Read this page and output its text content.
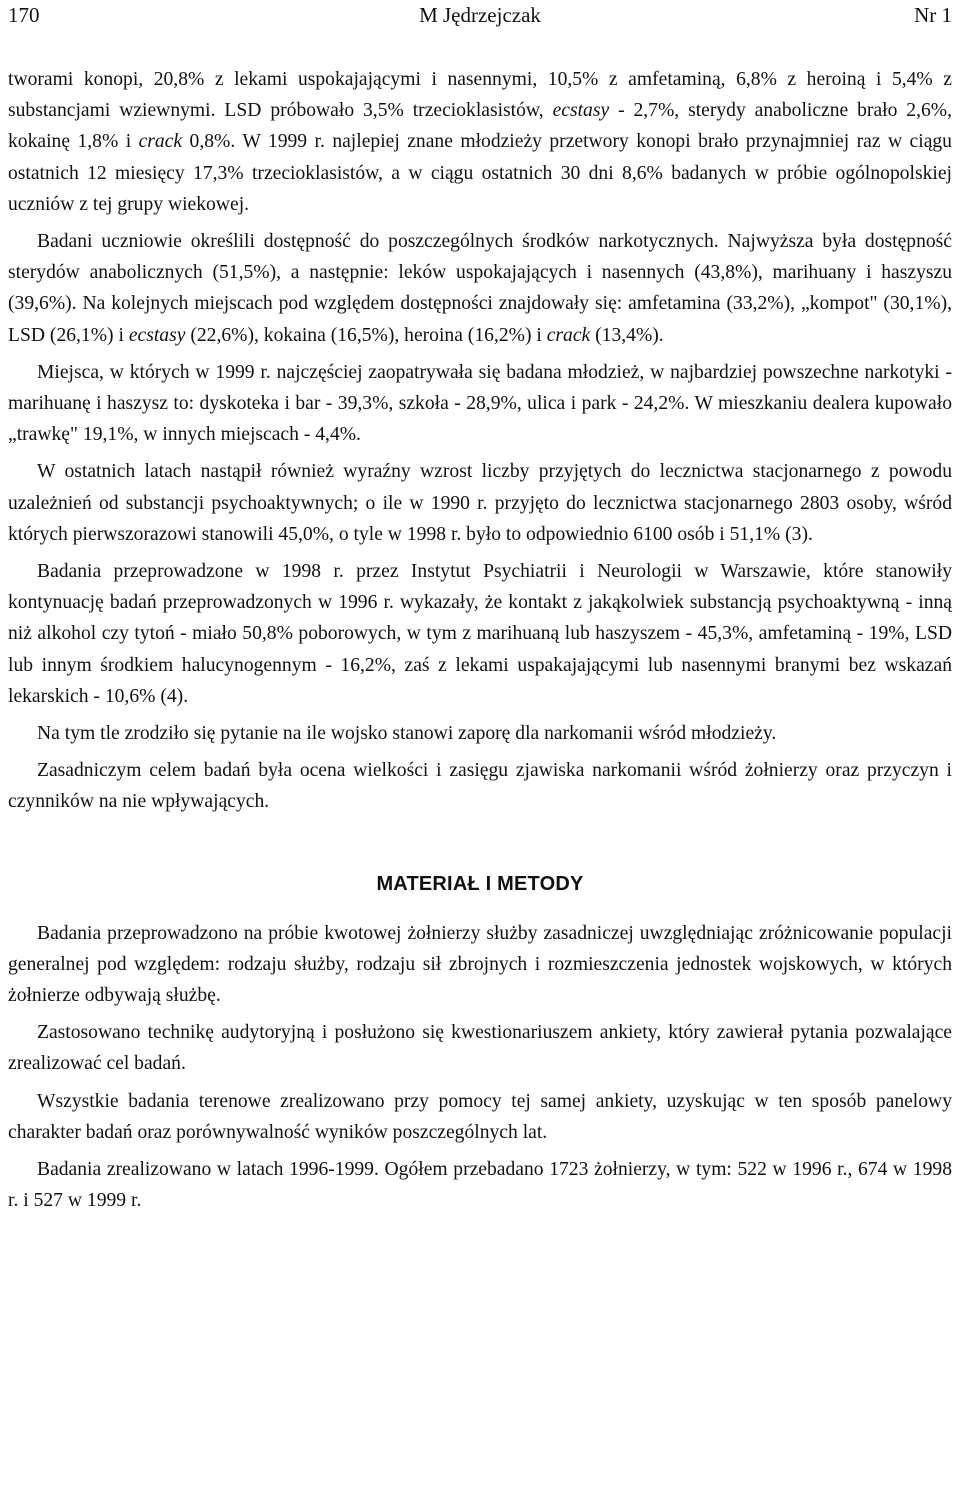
170	M Jędrzejczak	Nr 1

tworami konopi, 20,8% z lekami uspokajającymi i nasennymi, 10,5% z amfetaminą, 6,8% z heroiną i 5,4% z substancjami wziewnymi. LSD próbowało 3,5% trzecioklasistów, ecstasy - 2,7%, sterydy anaboliczne brało 2,6%, kokainę 1,8% i crack 0,8%. W 1999 r. najlepiej znane młodzieży przetwory konopi brało przynajmniej raz w ciągu ostatnich 12 miesięcy 17,3% trzecioklasistów, a w ciągu ostatnich 30 dni 8,6% badanych w próbie ogólnopolskiej uczniów z tej grupy wiekowej.

Badani uczniowie określili dostępność do poszczególnych środków narkotycznych. Najwyższa była dostępność sterydów anabolicznych (51,5%), a następnie: leków uspokajających i nasennych (43,8%), marihuany i haszyszu (39,6%). Na kolejnych miejscach pod względem dostępności znajdowały się: amfetamina (33,2%), „kompot" (30,1%), LSD (26,1%) i ecstasy (22,6%), kokaina (16,5%), heroina (16,2%) i crack (13,4%).

Miejsca, w których w 1999 r. najczęściej zaopatrywała się badana młodzież, w najbardziej powszechne narkotyki - marihuanę i haszysz to: dyskoteka i bar - 39,3%, szkoła - 28,9%, ulica i park - 24,2%. W mieszkaniu dealera kupowało „trawkę" 19,1%, w innych miejscach - 4,4%.

W ostatnich latach nastąpił również wyraźny wzrost liczby przyjętych do lecznictwa stacjonarnego z powodu uzależnień od substancji psychoaktywnych; o ile w 1990 r. przyjęto do lecznictwa stacjonarnego 2803 osoby, wśród których pierwszorazowi stanowili 45,0%, o tyle w 1998 r. było to odpowiednio 6100 osób i 51,1% (3).

Badania przeprowadzone w 1998 r. przez Instytut Psychiatrii i Neurologii w Warszawie, które stanowiły kontynuację badań przeprowadzonych w 1996 r. wykazały, że kontakt z jakąkolwiek substancją psychoaktywną - inną niż alkohol czy tytoń - miało 50,8% poborowych, w tym z marihuaną lub haszyszem - 45,3%, amfetaminą - 19%, LSD lub innym środkiem halucynogennym - 16,2%, zaś z lekami uspakajającymi lub nasennymi branymi bez wskazań lekarskich - 10,6% (4).

Na tym tle zrodziło się pytanie na ile wojsko stanowi zaporę dla narkomanii wśród młodzieży.

Zasadniczym celem badań była ocena wielkości i zasięgu zjawiska narkomanii wśród żołnierzy oraz przyczyn i czynników na nie wpływających.

MATERIAŁ I METODY

Badania przeprowadzono na próbie kwotowej żołnierzy służby zasadniczej uwzględniając zróżnicowanie populacji generalnej pod względem: rodzaju służby, rodzaju sił zbrojnych i rozmieszczenia jednostek wojskowych, w których żołnierze odbywają służbę.

Zastosowano technikę audytoryjną i posłużono się kwestionariuszem ankiety, który zawierał pytania pozwalające zrealizować cel badań.

Wszystkie badania terenowe zrealizowano przy pomocy tej samej ankiety, uzyskując w ten sposób panelowy charakter badań oraz porównywalność wyników poszczególnych lat.

Badania zrealizowano w latach 1996-1999. Ogółem przebadano 1723 żołnierzy, w tym: 522 w 1996 r., 674 w 1998 r. i 527 w 1999 r.
